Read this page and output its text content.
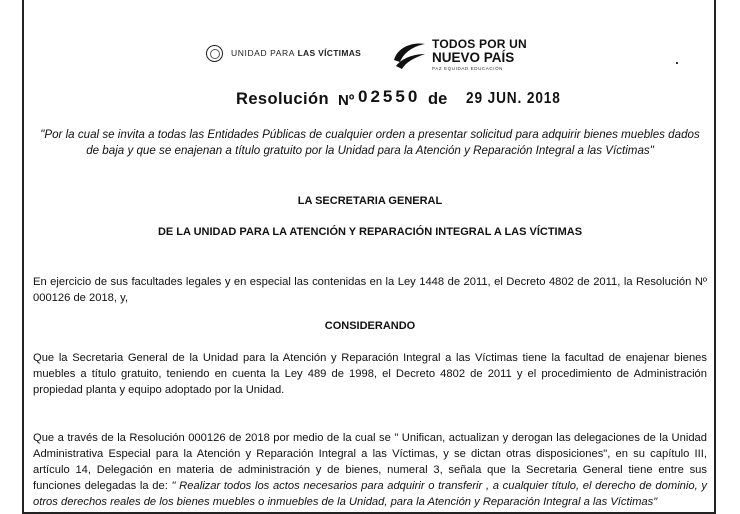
UNIDAD PARA LAS VÍCTIMAS
TODOS POR UN
NUEVO PAÍS
PAZ EQUIDAD EDUCACIÓN
Resolución Nº 02550 de 29 JUN. 2018
"Por la cual se invita a todas las Entidades Públicas de cualquier orden a presentar solicitud para adquirir bienes muebles dados de baja y que se enajenan a título gratuito por la Unidad para la Atención y Reparación Integral a las Víctimas"
LA SECRETARIA GENERAL
DE LA UNIDAD PARA LA ATENCIÓN Y REPARACIÓN INTEGRAL A LAS VÍCTIMAS
En ejercicio de sus facultades legales y en especial las contenidas en la Ley 1448 de 2011, el Decreto 4802 de 2011, la Resolución Nº 000126 de 2018, y,
CONSIDERANDO
Que la Secretaria General de la Unidad para la Atención y Reparación Integral a las Víctimas tiene la facultad de enajenar bienes muebles a título gratuito, teniendo en cuenta la Ley 489 de 1998, el Decreto 4802 de 2011 y el procedimiento de Administración propiedad planta y equipo adoptado por la Unidad.
Que a través de la Resolución 000126 de 2018 por medio de la cual se " Unifican, actualizan y derogan las delegaciones de la Unidad Administrativa Especial para la Atención y Reparación Integral a las Víctimas, y se dictan otras disposiciones", en su capítulo III, artículo 14, Delegación en materia de administración y de bienes, numeral 3, señala que la Secretaria General tiene entre sus funciones delegadas la de: " Realizar todos los actos necesarios para adquirir o transferir , a cualquier título, el derecho de dominio, y otros derechos reales de los bienes muebles o inmuebles de la Unidad, para la Atención y Reparación Integral a las Víctimas"
